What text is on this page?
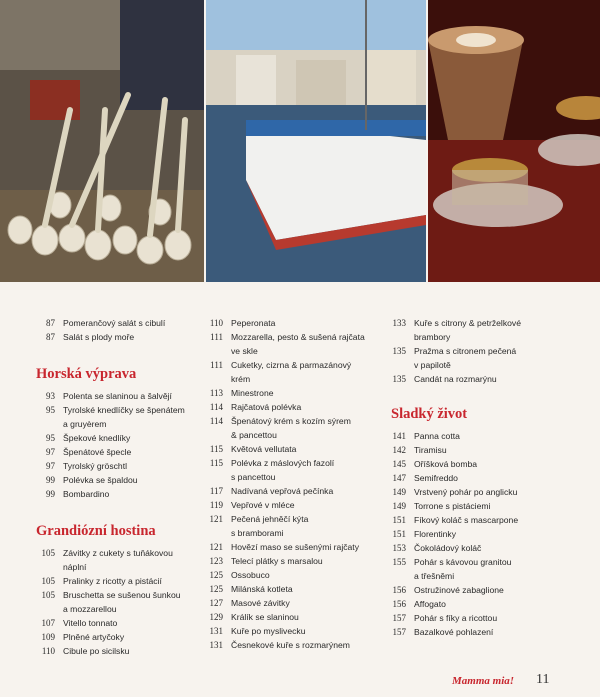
87 Pomerančový salát s cibulí
87 Salát s plody moře
Horská výprava
93 Polenta se slaninou a šalvějí
95 Tyrolské knedlíčky se špenátem
a gruyèrem
95 Špekové knedlíky
97 Špenátové špecle
97 Tyrolský gröschtl
99 Polévka se špaldou
99 Bombardino
Grandiózní hostina
105 Závitky z cukety s tuňákovou
náplní
105 Pralinky z ricotty a pistácií
105 Bruschetta se sušenou šunkou
a mozzarellou
107 Vitello tonnato
109 Plněné artyčoky
110 Cibule po sicilsku
110 Peperonata
111 Mozzarella, pesto & sušená rajčata
ve skle
111 Cuketky, cizrna & parmazánový
krém
113 Minestrone
114 Rajčatová polévka
114 Špenátový krém s kozím sýrem
& pancettou
115 Květová vellutata
115 Polévka z máslových fazolí
s pancettou
117 Nadívaná vepřová pečínka
119 Vepřové v mléce
121 Pečená jehněčí kýta
s bramborami
121 Hovězí maso se sušenými rajčaty
123 Telecí plátky s marsalou
125 Ossobuco
125 Milánská kotleta
127 Masové závitky
129 Králík se slaninou
131 Kuře po myslivecku
131 Česnekové kuře s rozmarýnem
133 Kuře s citrony & petrželkové
brambory
135 Pražma s citronem pečená
v papilotě
135 Candát na rozmarýnu
Sladký život
141 Panna cotta
142 Tiramisu
145 Oříšková bomba
147 Semifreddo
149 Vrstvený pohár po anglicku
149 Torrone s pistáciemi
151 Fíkový koláč s mascarpone
151 Florentinky
153 Čokoládový koláč
155 Pohár s kávovou granitou
a třešněmi
156 Ostružinové zabaglione
156 Affogato
157 Pohár s fíky a ricottou
157 Bazalkové pohlazení
Mamma mia! 11
